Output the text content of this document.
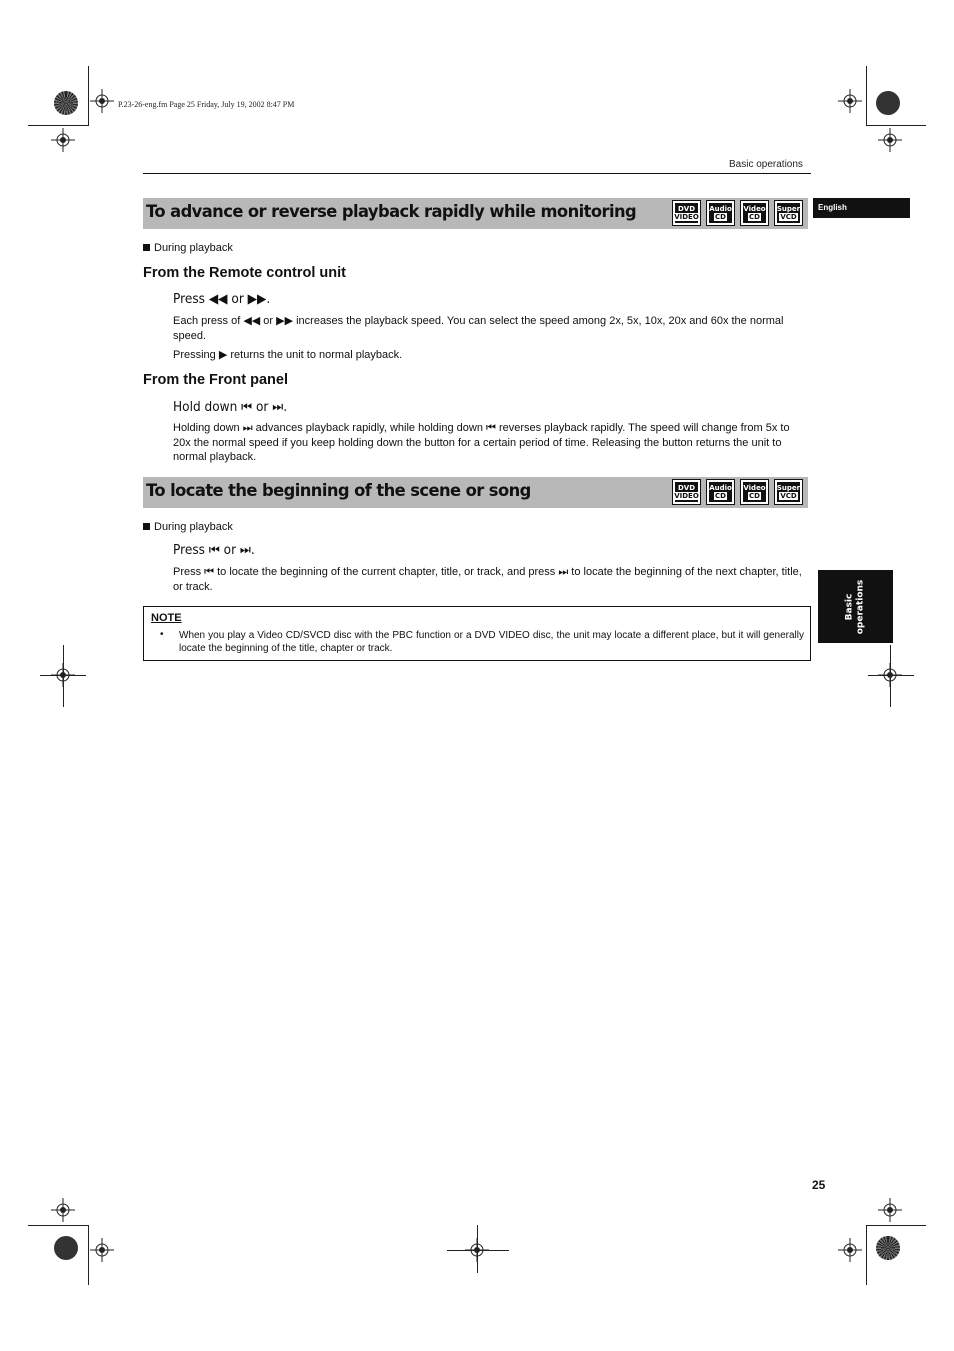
P.23-26-eng.fm Page 25 Friday, July 19, 2002 8:47 PM
Basic operations
English
Basic
operations
To advance or reverse playback rapidly while monitoring	DVD
VIDEO
Audio
CD
Video
CD
Super
VCD
During playback
From the Remote control unit
Press ◀◀ or ▶▶.
Each press of ◀◀ or ▶▶ increases the playback speed. You can select the speed among 2x, 5x, 10x, 20x and 60x the normal speed.
Pressing ▶ returns the unit to normal playback.
From the Front panel
Hold down ⏮ or ⏭.
Holding down ⏭ advances playback rapidly, while holding down ⏮ reverses playback rapidly. The speed will change from 5x to 20x the normal speed if you keep holding down the button for a certain period of time. Releasing the button returns the unit to normal playback.
To locate the beginning of the scene or song	DVD
VIDEO
Audio
CD
Video
CD
Super
VCD
During playback
Press ⏮ or ⏭.
Press ⏮ to locate the beginning of the current chapter, title, or track, and press ⏭ to locate the beginning of the next chapter, title, or track.
NOTE
• When you play a Video CD/SVCD disc with the PBC function or a DVD VIDEO disc, the unit may locate a different place, but it will generally locate the beginning of the title, chapter or track.
25
